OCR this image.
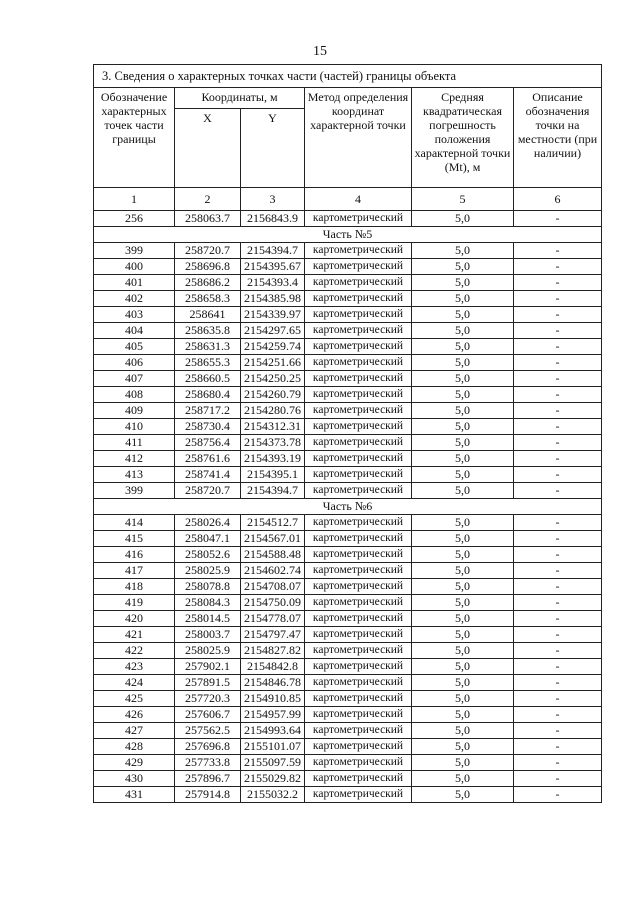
15
3. Сведения о характерных точках части (частей) границы объекта					
Обозначение характерных точек части границы	Координаты, м		Метод определения координат характерной точки	Средняя квадратическая погрешность положения характерной точки (Mt), м	Описание обозначения точки на местности (при наличии)
	X	Y			
1	2	3	4	5	6
256	258063.7	2156843.9	картометрический	5,0	-
Часть №5					
399	258720.7	2154394.7	картометрический	5,0	-
400	258696.8	2154395.67	картометрический	5,0	-
401	258686.2	2154393.4	картометрический	5,0	-
402	258658.3	2154385.98	картометрический	5,0	-
403	258641	2154339.97	картометрический	5,0	-
404	258635.8	2154297.65	картометрический	5,0	-
405	258631.3	2154259.74	картометрический	5,0	-
406	258655.3	2154251.66	картометрический	5,0	-
407	258660.5	2154250.25	картометрический	5,0	-
408	258680.4	2154260.79	картометрический	5,0	-
409	258717.2	2154280.76	картометрический	5,0	-
410	258730.4	2154312.31	картометрический	5,0	-
411	258756.4	2154373.78	картометрический	5,0	-
412	258761.6	2154393.19	картометрический	5,0	-
413	258741.4	2154395.1	картометрический	5,0	-
399	258720.7	2154394.7	картометрический	5,0	-
Часть №6					
414	258026.4	2154512.7	картометрический	5,0	-
415	258047.1	2154567.01	картометрический	5,0	-
416	258052.6	2154588.48	картометрический	5,0	-
417	258025.9	2154602.74	картометрический	5,0	-
418	258078.8	2154708.07	картометрический	5,0	-
419	258084.3	2154750.09	картометрический	5,0	-
420	258014.5	2154778.07	картометрический	5,0	-
421	258003.7	2154797.47	картометрический	5,0	-
422	258025.9	2154827.82	картометрический	5,0	-
423	257902.1	2154842.8	картометрический	5,0	-
424	257891.5	2154846.78	картометрический	5,0	-
425	257720.3	2154910.85	картометрический	5,0	-
426	257606.7	2154957.99	картометрический	5,0	-
427	257562.5	2154993.64	картометрический	5,0	-
428	257696.8	2155101.07	картометрический	5,0	-
429	257733.8	2155097.59	картометрический	5,0	-
430	257896.7	2155029.82	картометрический	5,0	-
431	257914.8	2155032.2	картометрический	5,0	-
